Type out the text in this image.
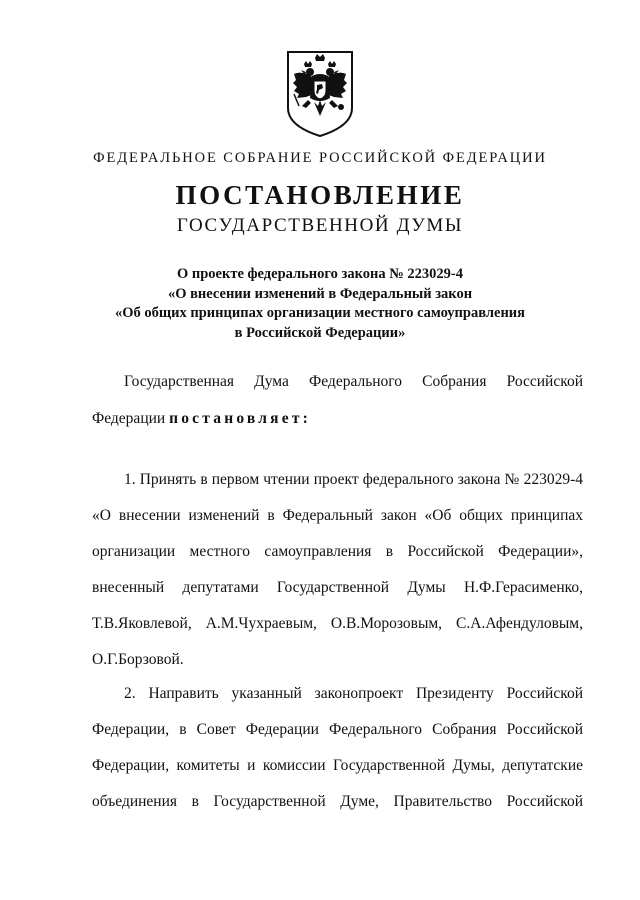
ФЕДЕРАЛЬНОЕ СОБРАНИЕ РОССИЙСКОЙ ФЕДЕРАЦИИ
ПОСТАНОВЛЕНИЕ
ГОСУДАРСТВЕННОЙ ДУМЫ
О проекте федерального закона № 223029-4
«О внесении изменений в Федеральный закон
«Об общих принципах организации местного самоуправления
в Российской Федерации»
Государственная Дума Федерального Собрания Российской
Федерации постановляет:
1. Принять в первом чтении проект федерального закона № 223029-4
«О внесении изменений в Федеральный закон «Об общих принципах
организации местного самоуправления в Российской Федерации»,
внесенный депутатами Государственной Думы Н.Ф.Герасименко,
Т.В.Яковлевой, А.М.Чухраевым, О.В.Морозовым, С.А.Афендуловым,
О.Г.Борзовой.
2. Направить указанный законопроект Президенту Российской
Федерации, в Совет Федерации Федерального Собрания Российской
Федерации, комитеты и комиссии Государственной Думы, депутатские
объединения в Государственной Думе, Правительство Российской
